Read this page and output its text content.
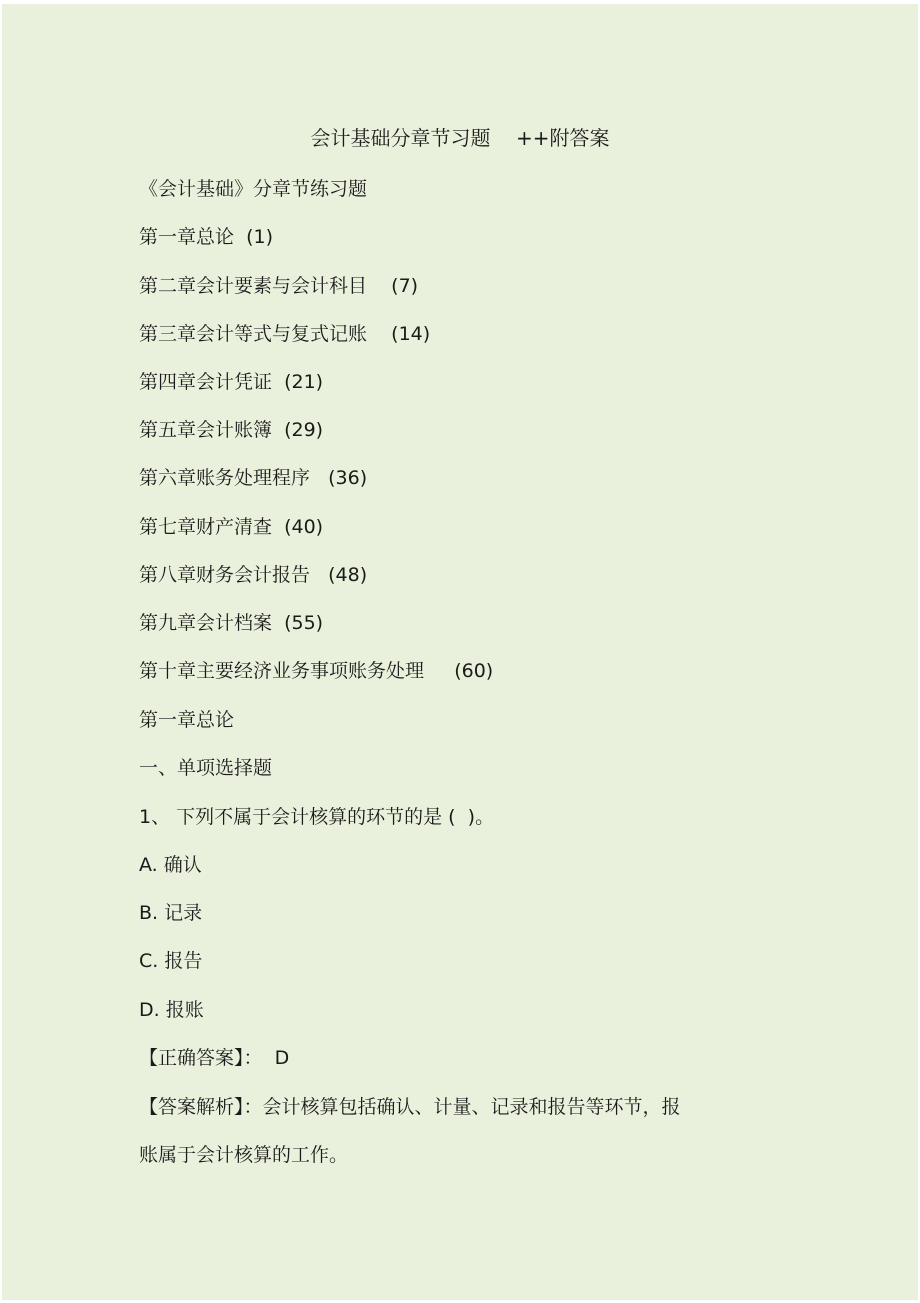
会计基础分章节习题    ++附答案

《会计基础》分章节练习题

第一章总论  (1)

第二章会计要素与会计科目    (7)

第三章会计等式与复式记账    (14)

第四章会计凭证  (21)

第五章会计账簿  (29)

第六章账务处理程序   (36)

第七章财产清查  (40)

第八章财务会计报告   (48)

第九章会计档案  (55)

第十章主要经济业务事项账务处理     (60)

第一章总论

一、单项选择题

1、 下列不属于会计核算的环节的是 (  )。

A. 确认

B. 记录

C. 报告

D. 报账

【正确答案】：  D

【答案解析】：会计核算包括确认、计量、记录和报告等环节，报

账属于会计核算的工作。
